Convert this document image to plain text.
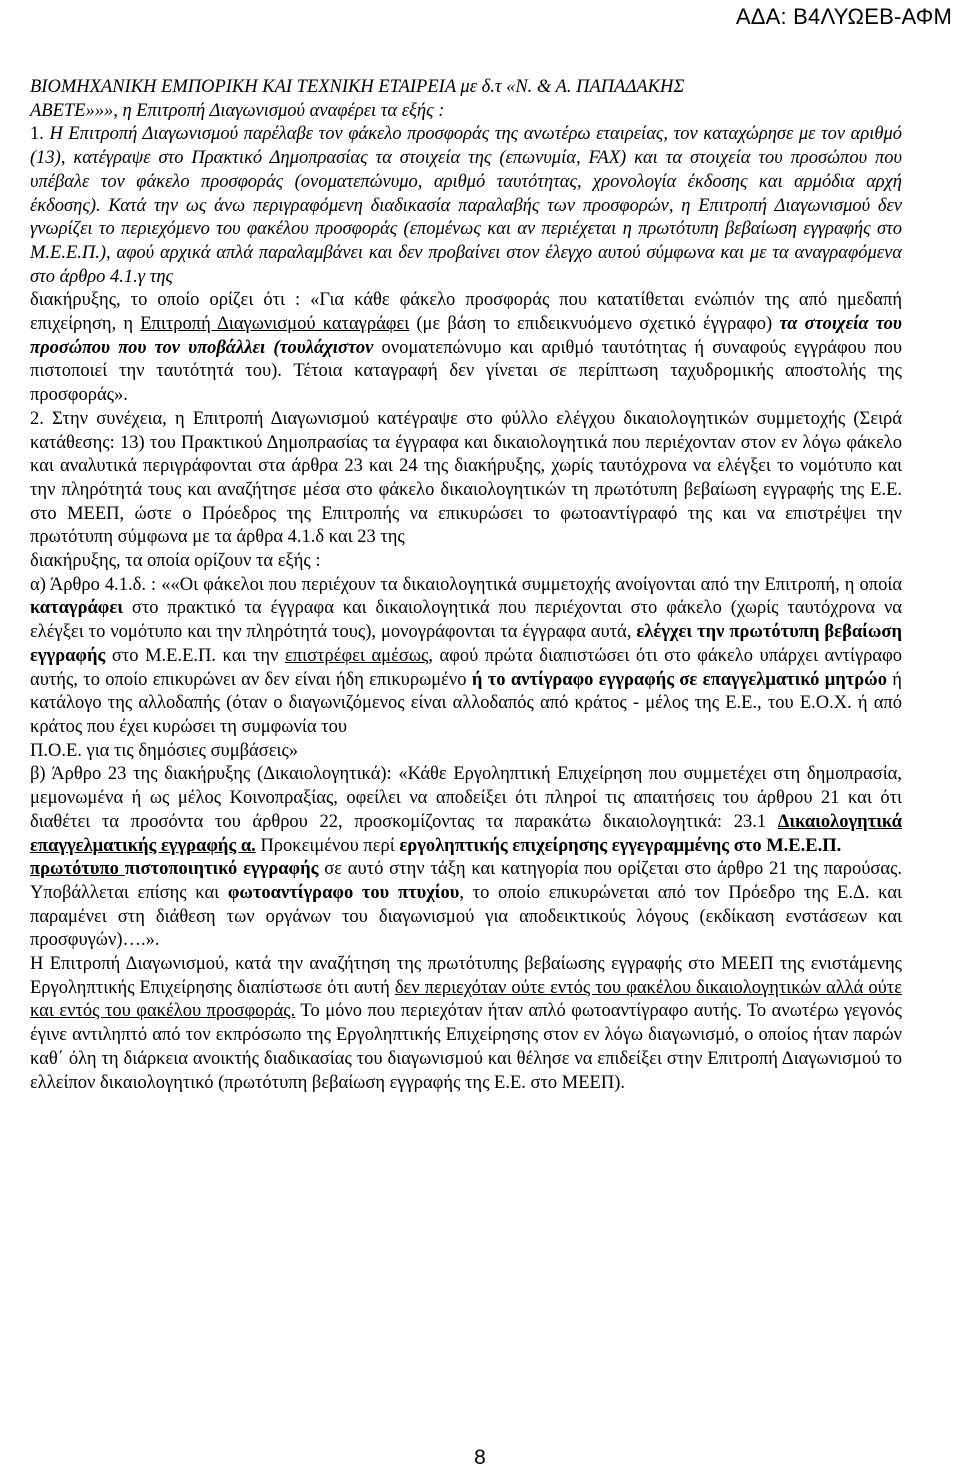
ΑΔΑ: Β4ΛΥΩΕΒ-ΑΦΜ

ΒΙΟΜΗΧΑΝΙΚΗ ΕΜΠΟΡΙΚΗ ΚΑΙ ΤΕΧΝΙΚΗ ΕΤΑΙΡΕΙΑ με δ.τ «Ν. & Α. ΠΑΠΑΔΑΚΗΣ
ΑΒΕΤΕ»»», η Επιτροπή Διαγωνισμού αναφέρει τα εξής :

1. Η Επιτροπή Διαγωνισμού παρέλαβε τον φάκελο προσφοράς της ανωτέρω εταιρείας, τον καταχώρησε με τον αριθμό (13), κατέγραψε στο Πρακτικό Δημοπρασίας τα στοιχεία της (επωνυμία, FAX) και τα στοιχεία του προσώπου που υπέβαλε τον φάκελο προσφοράς (ονοματεπώνυμο, αριθμό ταυτότητας, χρονολογία έκδοσης και αρμόδια αρχή έκδοσης). Κατά την ως άνω περιγραφόμενη διαδικασία παραλαβής των προσφορών, η Επιτροπή Διαγωνισμού δεν γνωρίζει το περιεχόμενο του φακέλου προσφοράς (επομένως και αν περιέχεται η πρωτότυπη βεβαίωση εγγραφής στο Μ.Ε.Ε.Π.), αφού αρχικά απλά παραλαμβάνει και δεν προβαίνει στον έλεγχο αυτού σύμφωνα και με τα αναγραφόμενα στο άρθρο 4.1.γ της
διακήρυξης, το οποίο ορίζει ότι : «Για κάθε φάκελο προσφοράς που κατατίθεται ενώπιόν της από ημεδαπή επιχείρηση, η Επιτροπή Διαγωνισμού καταγράφει (με βάση το επιδεικνυόμενο σχετικό έγγραφο) τα στοιχεία του προσώπου που τον υποβάλλει (τουλάχιστον ονοματεπώνυμο και αριθμό ταυτότητας ή συναφούς εγγράφου που πιστοποιεί την ταυτότητά του). Τέτοια καταγραφή δεν γίνεται σε περίπτωση ταχυδρομικής αποστολής της προσφοράς».

2. Στην συνέχεια, η Επιτροπή Διαγωνισμού κατέγραψε στο φύλλο ελέγχου δικαιολογητικών συμμετοχής (Σειρά κατάθεσης: 13) του Πρακτικού Δημοπρασίας τα έγγραφα και δικαιολογητικά που περιέχονταν στον εν λόγω φάκελο και αναλυτικά περιγράφονται στα άρθρα 23 και 24 της διακήρυξης, χωρίς ταυτόχρονα να ελέγξει το νομότυπο και την πληρότητά τους και αναζήτησε μέσα στο φάκελο δικαιολογητικών τη πρωτότυπη βεβαίωση εγγραφής της Ε.Ε. στο ΜΕΕΠ, ώστε ο Πρόεδρος της Επιτροπής να επικυρώσει το φωτοαντίγραφό της και να επιστρέψει την πρωτότυπη σύμφωνα με τα άρθρα 4.1.δ και 23 της
διακήρυξης, τα οποία ορίζουν τα εξής :

α) Άρθρο 4.1.δ. : ««Οι φάκελοι που περιέχουν τα δικαιολογητικά συμμετοχής ανοίγονται από την Επιτροπή, η οποία καταγράφει στο πρακτικό τα έγγραφα και δικαιολογητικά που περιέχονται στο φάκελο (χωρίς ταυτόχρονα να ελέγξει το νομότυπο και την πληρότητά τους), μονογράφονται τα έγγραφα αυτά, ελέγχει την πρωτότυπη βεβαίωση εγγραφής στο Μ.Ε.Ε.Π. και την επιστρέφει αμέσως, αφού πρώτα διαπιστώσει ότι στο φάκελο υπάρχει αντίγραφο αυτής, το οποίο επικυρώνει αν δεν είναι ήδη επικυρωμένο ή το αντίγραφο εγγραφής σε επαγγελματικό μητρώο ή κατάλογο της αλλοδαπής (όταν ο διαγωνιζόμενος είναι αλλοδαπός από κράτος - μέλος της Ε.Ε., του Ε.Ο.Χ. ή από κράτος που έχει κυρώσει τη συμφωνία του
Π.Ο.Ε. για τις δημόσιες συμβάσεις»

β) Άρθρο 23 της διακήρυξης (Δικαιολογητικά): «Κάθε Εργοληπτική Επιχείρηση που συμμετέχει στη δημοπρασία, μεμονωμένα ή ως μέλος Κοινοπραξίας, οφείλει να αποδείξει ότι πληροί τις απαιτήσεις του άρθρου 21 και ότι διαθέτει τα προσόντα του άρθρου 22, προσκομίζοντας τα παρακάτω δικαιολογητικά: 23.1 Δικαιολογητικά επαγγελματικής εγγραφής α. Προκειμένου περί εργοληπτικής επιχείρησης εγγεγραμμένης στο Μ.Ε.Ε.Π.
πρωτότυπο πιστοποιητικό εγγραφής σε αυτό στην τάξη και κατηγορία που ορίζεται στο άρθρο 21 της παρούσας. Υποβάλλεται επίσης και φωτοαντίγραφο του πτυχίου, το οποίο επικυρώνεται από τον Πρόεδρο της Ε.Δ. και παραμένει στη διάθεση των οργάνων του διαγωνισμού για αποδεικτικούς λόγους (εκδίκαση ενστάσεων και προσφυγών)….».

Η Επιτροπή Διαγωνισμού, κατά την αναζήτηση της πρωτότυπης βεβαίωσης εγγραφής στο ΜΕΕΠ της ενιστάμενης Εργοληπτικής Επιχείρησης διαπίστωσε ότι αυτή δεν περιεχόταν ούτε εντός του φακέλου δικαιολογητικών αλλά ούτε και εντός του φακέλου προσφοράς. Το μόνο που περιεχόταν ήταν απλό φωτοαντίγραφο αυτής. Το ανωτέρω γεγονός έγινε αντιληπτό από τον εκπρόσωπο της Εργοληπτικής Επιχείρησης στον εν λόγω διαγωνισμό, ο οποίος ήταν παρών καθ΄ όλη τη διάρκεια ανοικτής διαδικασίας του διαγωνισμού και θέλησε να επιδείξει στην Επιτροπή Διαγωνισμού το ελλείπον δικαιολογητικό (πρωτότυπη βεβαίωση εγγραφής της Ε.Ε. στο ΜΕΕΠ).

8
